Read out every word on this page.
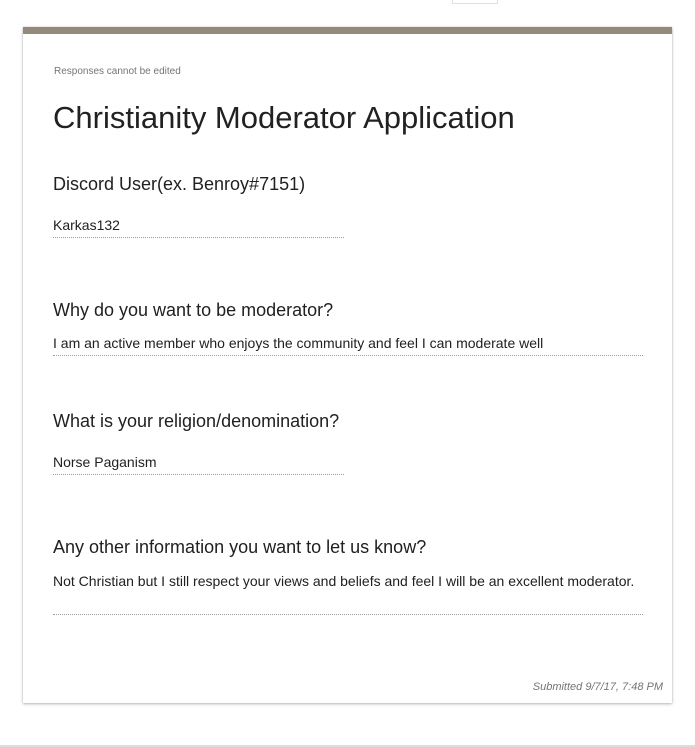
Responses cannot be edited
Christianity Moderator Application
Discord User(ex. Benroy#7151)
Karkas132
Why do you want to be moderator?
I am an active member who enjoys the community and feel I can moderate well
What is your religion/denomination?
Norse Paganism
Any other information you want to let us know?
Not Christian but I still respect your views and beliefs and feel I will be an excellent moderator.
Submitted 9/7/17, 7:48 PM
